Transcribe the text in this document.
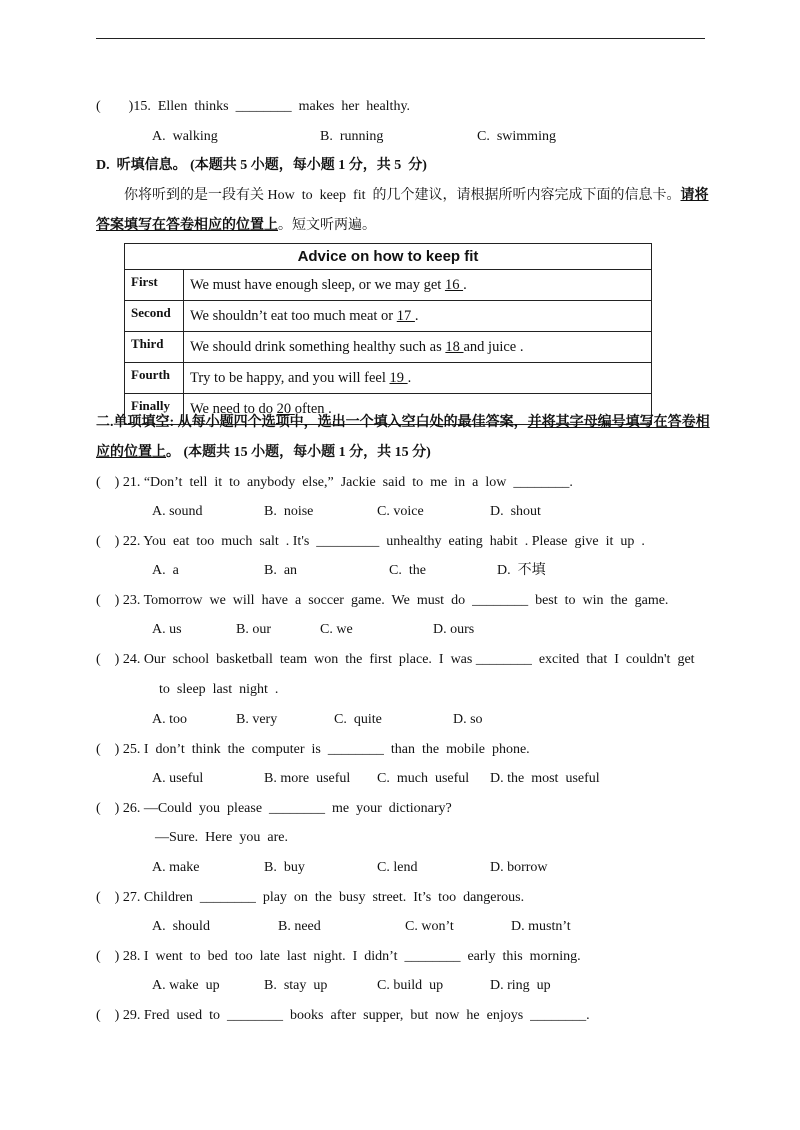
(        )15.  Ellen  thinks  ________  makes  her  healthy.
A.  walking	B.  running	C.  swimming
D.  听填信息。 (本题共 5 小题，每小题 1 分，共 5  分)
你将听到的是一段有关 How  to  keep  fit  的几个建议，请根据所听内容完成下面的信息卡。请将
答案填写在答卷相应的位置上。短文听两遍。
Advice on how to keep fit	
First	We must have enough sleep, or we may get 16 .
Second	We shouldn’t eat too much meat or 17 .
Third	We should drink something healthy such as 18 and juice .
Fourth	Try to be happy, and you will feel 19 .
Finally	We need to do 20 often .
二.单项填空: 从每小题四个选项中，选出一个填入空白处的最佳答案，并将其字母编号填写在答卷相
应的位置上。 (本题共 15 小题，每小题 1 分，共 15 分)
(    ) 21. “Don’t  tell  it  to  anybody  else,”  Jackie  said  to  me  in  a  low  ________.
A. sound	B.  noise	C. voice	D.  shout
(    ) 22. You  eat  too  much  salt  . It's  _________  unhealthy  eating  habit  . Please  give  it  up  .
A.  a	B.  an	C.  the	D.  不填
(    ) 23. Tomorrow  we  will  have  a  soccer  game.  We  must  do  ________  best  to  win  the  game.
A. us	B. our	C. we	D. ours
(    ) 24. Our  school  basketball  team  won  the  first  place.  I  was ________  excited  that  I  couldn't  get
to  sleep  last  night  .
A. too	B. very	C.  quite	D. so
(    ) 25. I  don’t  think  the  computer  is  ________  than  the  mobile  phone.
A. useful	B. more  useful C.  much  useful D. the  most  useful
(    ) 26. —Could  you  please  ________  me  your  dictionary?
—Sure.  Here  you  are.
A. make	B.  buy	C. lend	D. borrow
(    ) 27. Children  ________  play  on  the  busy  street.  It’s  too  dangerous.
A.  should	B. need	C. won’t	D. mustn’t
(    ) 28. I  went  to  bed  too  late  last  night.  I  didn’t  ________  early  this  morning.
A. wake  up	B.  stay  up	C. build  up	D. ring  up
(    ) 29. Fred  used  to  ________  books  after  supper,  but  now  he  enjoys  ________.
